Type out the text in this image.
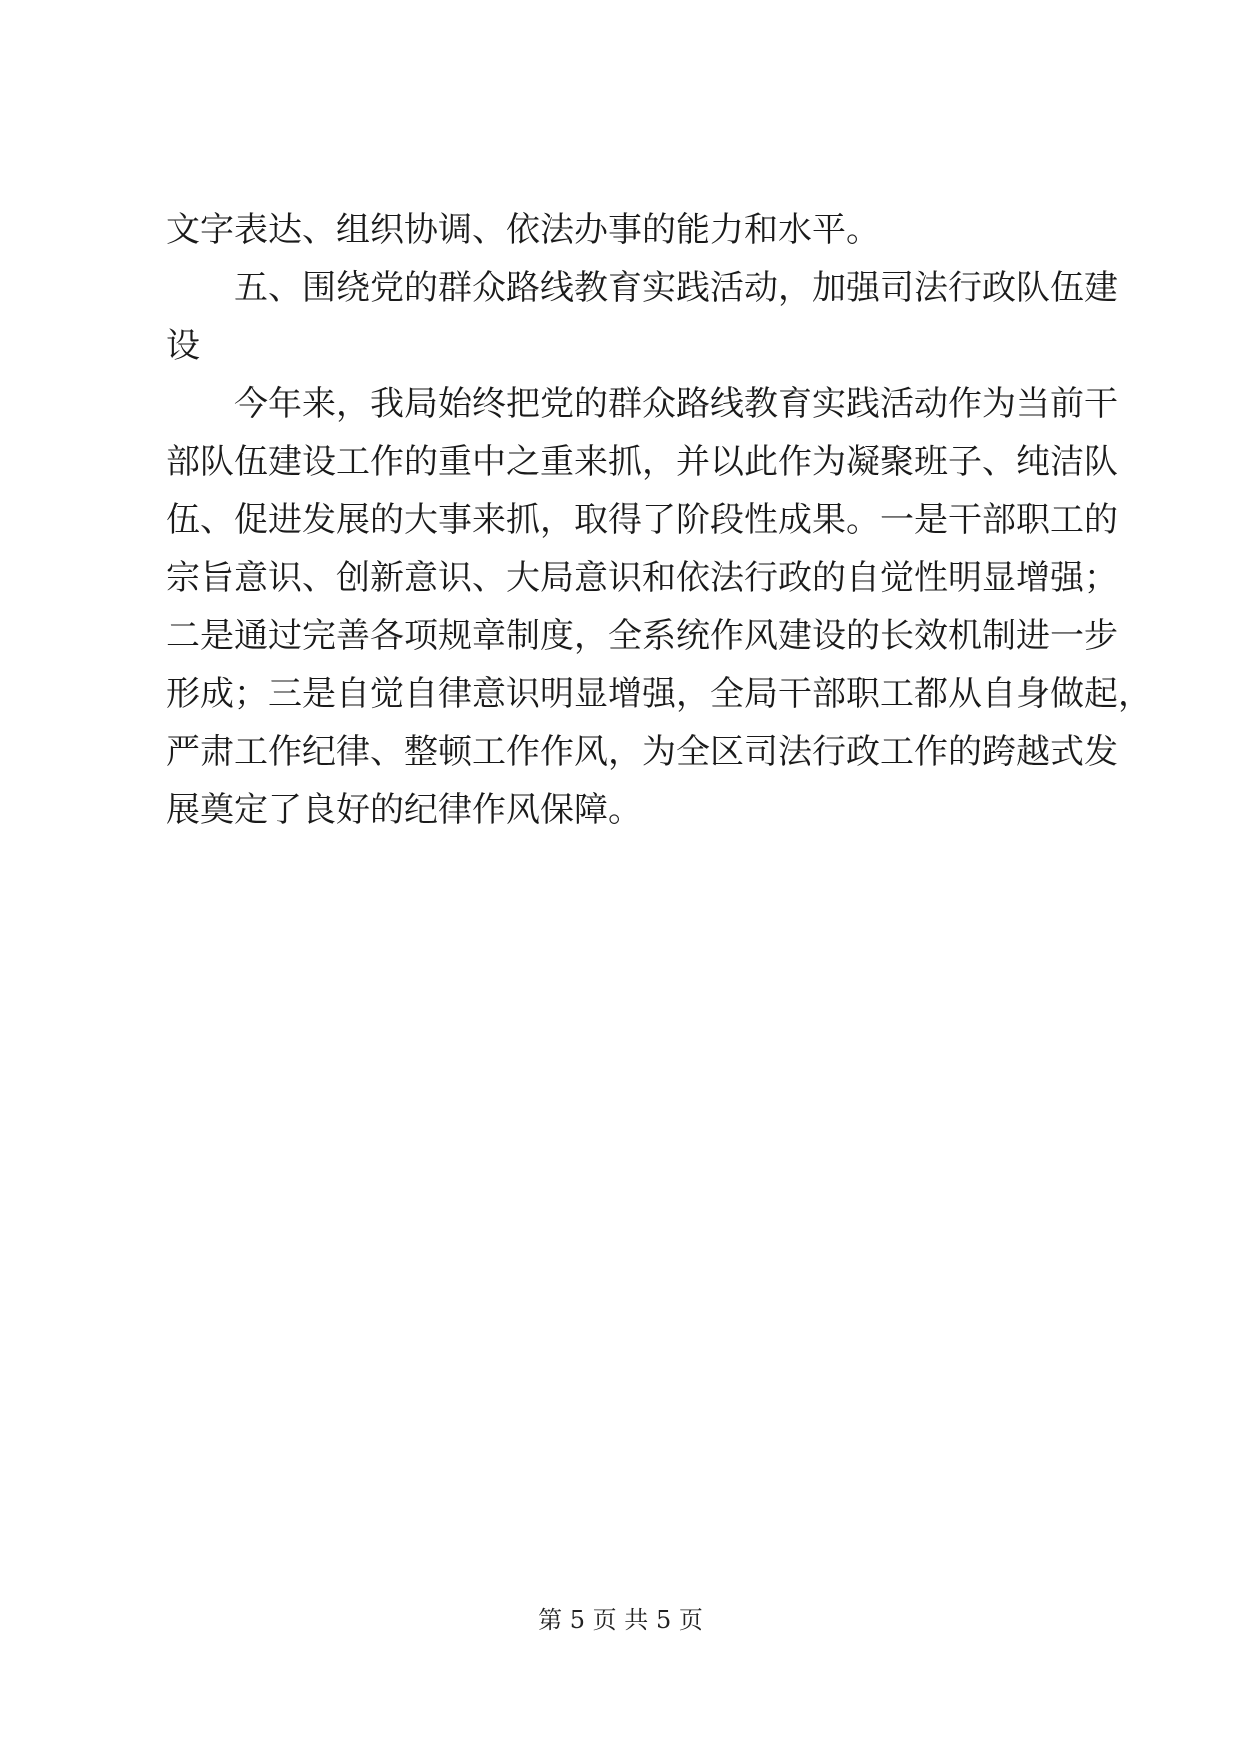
文字表达、组织协调、依法办事的能力和水平。
五、围绕党的群众路线教育实践活动，加强司法行政队伍建
设
今年来，我局始终把党的群众路线教育实践活动作为当前干
部队伍建设工作的重中之重来抓，并以此作为凝聚班子、纯洁队
伍、促进发展的大事来抓，取得了阶段性成果。一是干部职工的
宗旨意识、创新意识、大局意识和依法行政的自觉性明显增强；
二是通过完善各项规章制度，全系统作风建设的长效机制进一步
形成；三是自觉自律意识明显增强，全局干部职工都从自身做起，
严肃工作纪律、整顿工作作风，为全区司法行政工作的跨越式发
展奠定了良好的纪律作风保障。
第 5 页 共 5 页
